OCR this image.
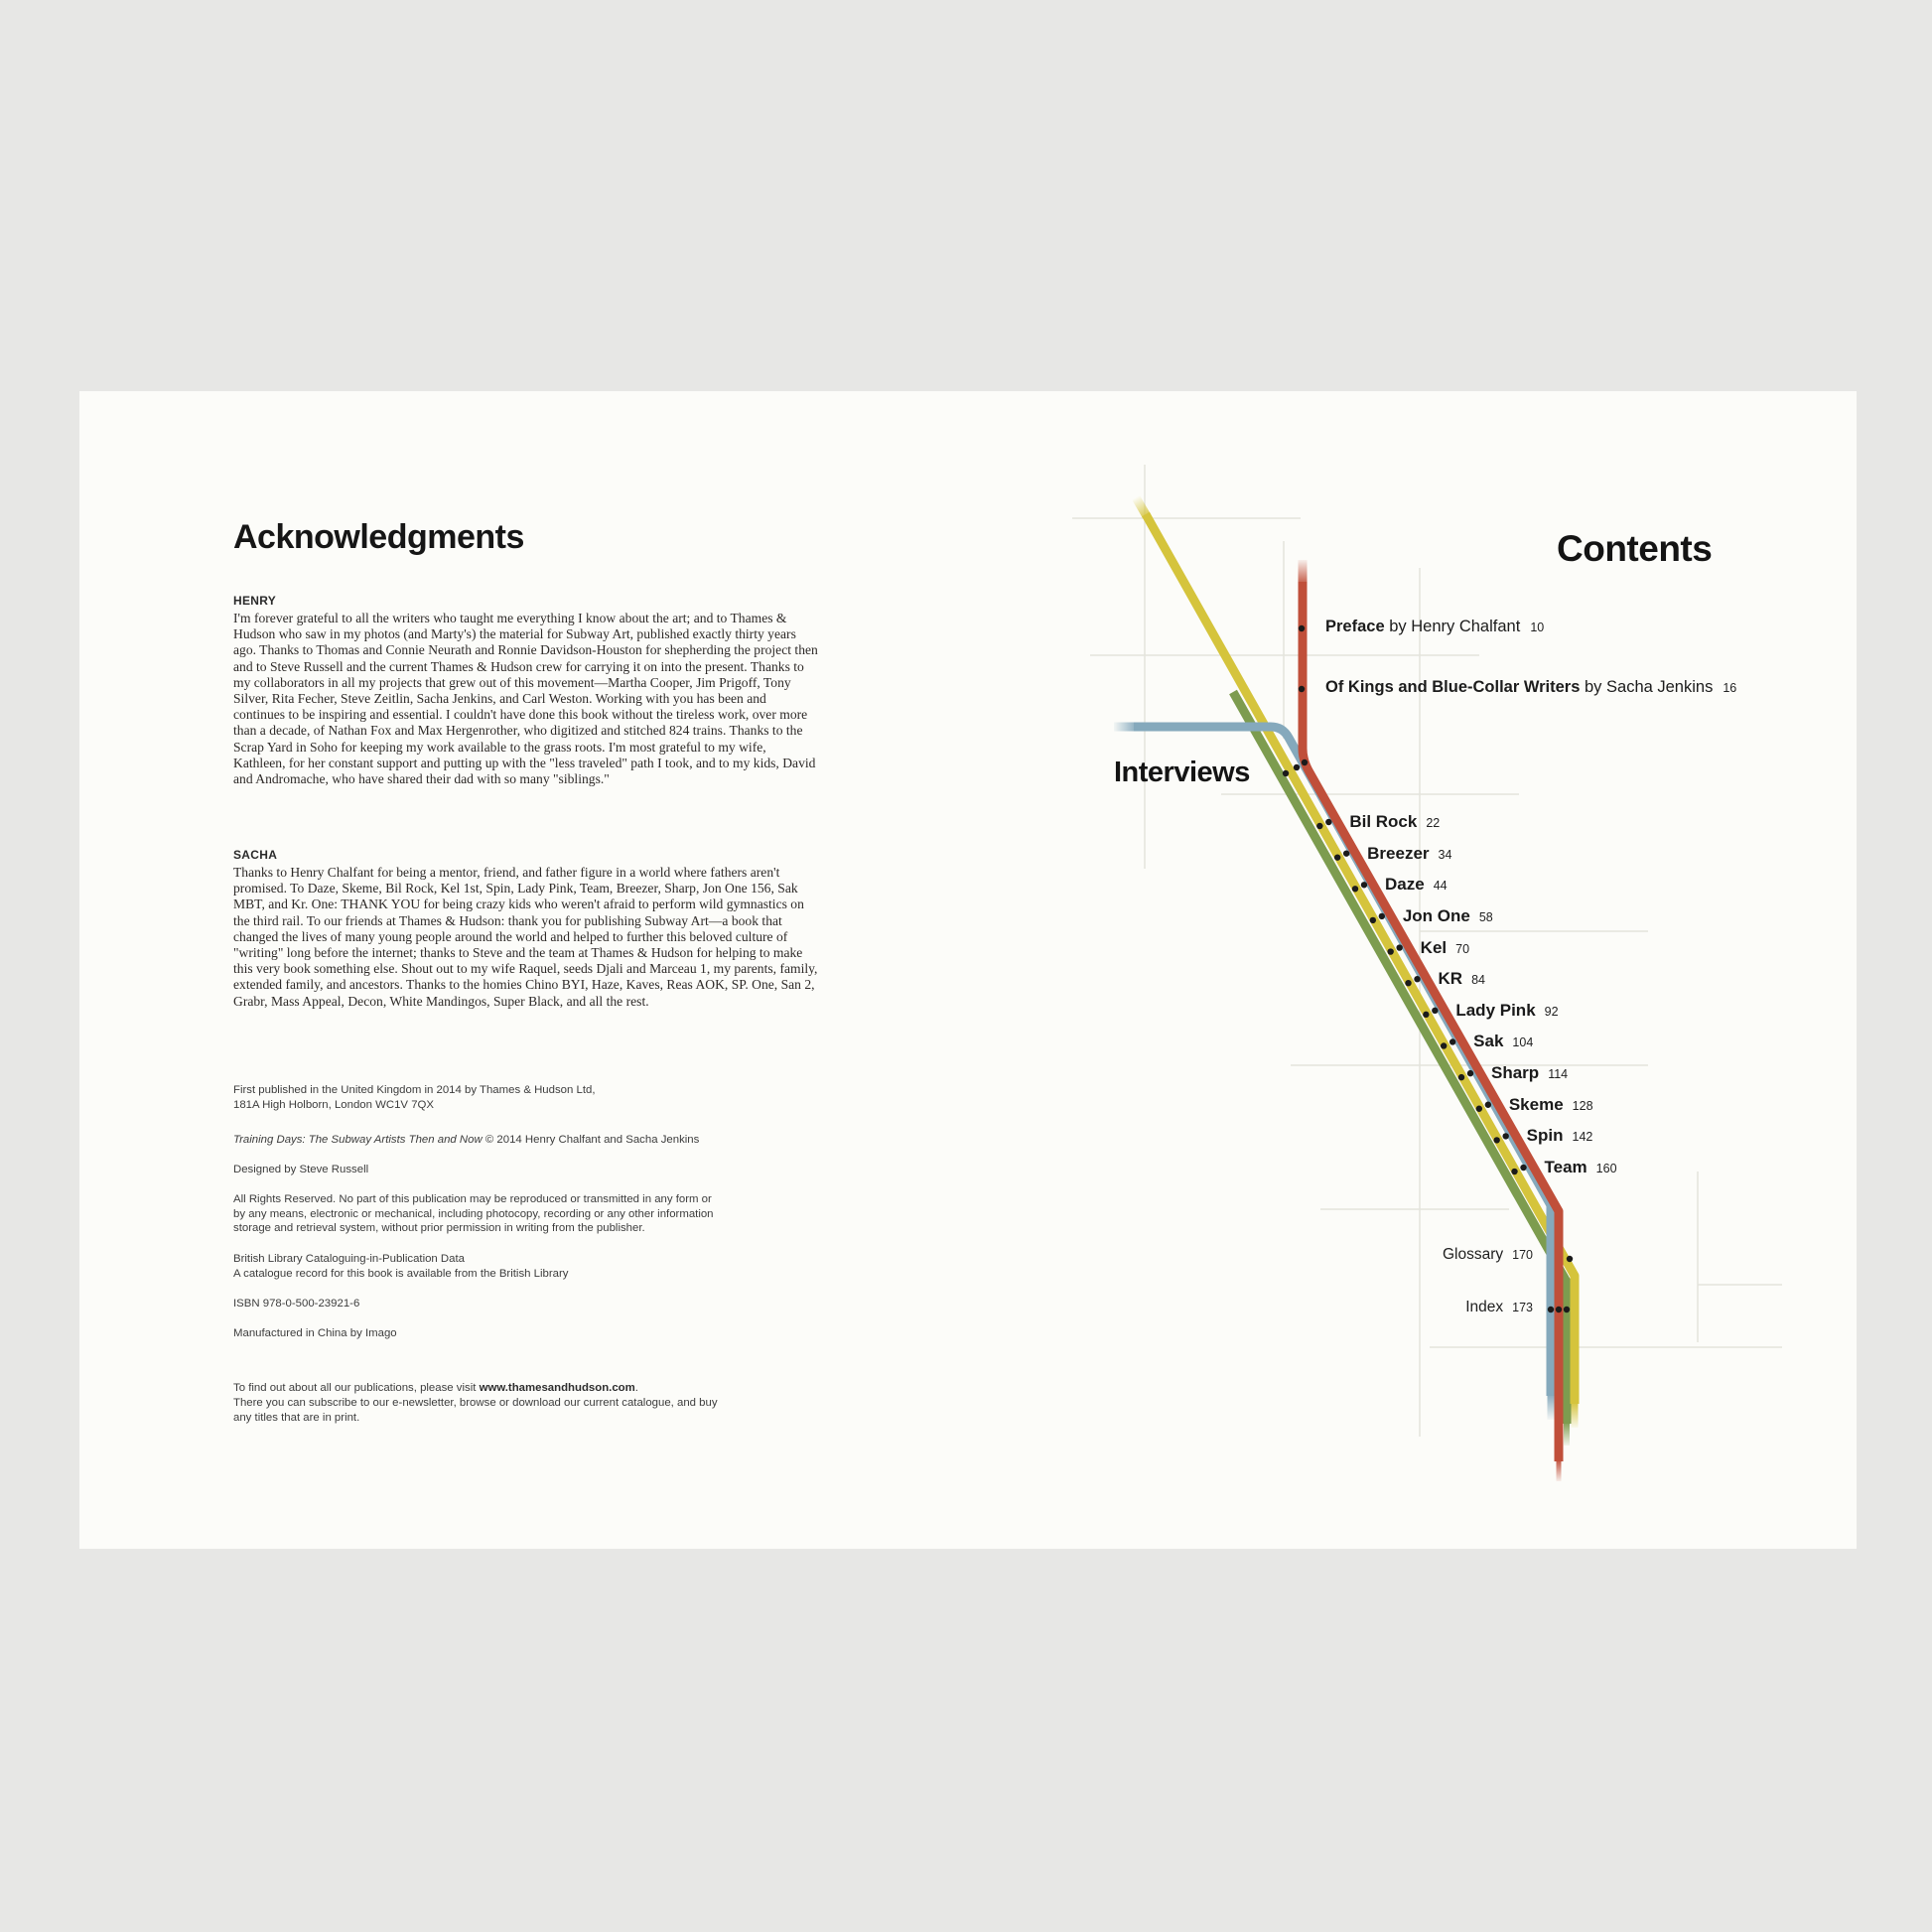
Acknowledgments
HENRY
I'm forever grateful to all the writers who taught me everything I know about the art; and to Thames & Hudson who saw in my photos (and Marty's) the material for Subway Art, published exactly thirty years ago. Thanks to Thomas and Connie Neurath and Ronnie Davidson-Houston for shepherding the project then and to Steve Russell and the current Thames & Hudson crew for carrying it on into the present. Thanks to my collaborators in all my projects that grew out of this movement—Martha Cooper, Jim Prigoff, Tony Silver, Rita Fecher, Steve Zeitlin, Sacha Jenkins, and Carl Weston. Working with you has been and continues to be inspiring and essential. I couldn't have done this book without the tireless work, over more than a decade, of Nathan Fox and Max Hergenrother, who digitized and stitched 824 trains. Thanks to the Scrap Yard in Soho for keeping my work available to the grass roots. I'm most grateful to my wife, Kathleen, for her constant support and putting up with the "less traveled" path I took, and to my kids, David and Andromache, who have shared their dad with so many "siblings."
SACHA
Thanks to Henry Chalfant for being a mentor, friend, and father figure in a world where fathers aren't promised. To Daze, Skeme, Bil Rock, Kel 1st, Spin, Lady Pink, Team, Breezer, Sharp, Jon One 156, Sak MBT, and Kr. One: THANK YOU for being crazy kids who weren't afraid to perform wild gymnastics on the third rail. To our friends at Thames & Hudson: thank you for publishing Subway Art—a book that changed the lives of many young people around the world and helped to further this beloved culture of "writing" long before the internet; thanks to Steve and the team at Thames & Hudson for helping to make this very book something else. Shout out to my wife Raquel, seeds Djali and Marceau 1, my parents, family, extended family, and ancestors. Thanks to the homies Chino BYI, Haze, Kaves, Reas AOK, SP. One, San 2, Grabr, Mass Appeal, Decon, White Mandingos, Super Black, and all the rest.
First published in the United Kingdom in 2014 by Thames & Hudson Ltd,
181A High Holborn, London WC1V 7QX
Training Days: The Subway Artists Then and Now © 2014 Henry Chalfant and Sacha Jenkins
Designed by Steve Russell
All Rights Reserved. No part of this publication may be reproduced or transmitted in any form or by any means, electronic or mechanical, including photocopy, recording or any other information storage and retrieval system, without prior permission in writing from the publisher.
British Library Cataloguing-in-Publication Data
A catalogue record for this book is available from the British Library
ISBN 978-0-500-23921-6
Manufactured in China by Imago
To find out about all our publications, please visit www.thamesandhudson.com.
There you can subscribe to our e-newsletter, browse or download our current catalogue, and buy any titles that are in print.
Contents
Preface by Henry Chalfant 10
Of Kings and Blue-Collar Writers by Sacha Jenkins 16
Interviews
Bil Rock 22
Breezer 34
Daze 44
Jon One 58
Kel 70
KR 84
Lady Pink 92
Sak 104
Sharp 114
Skeme 128
Spin 142
Team 160
Glossary 170
Index 173
